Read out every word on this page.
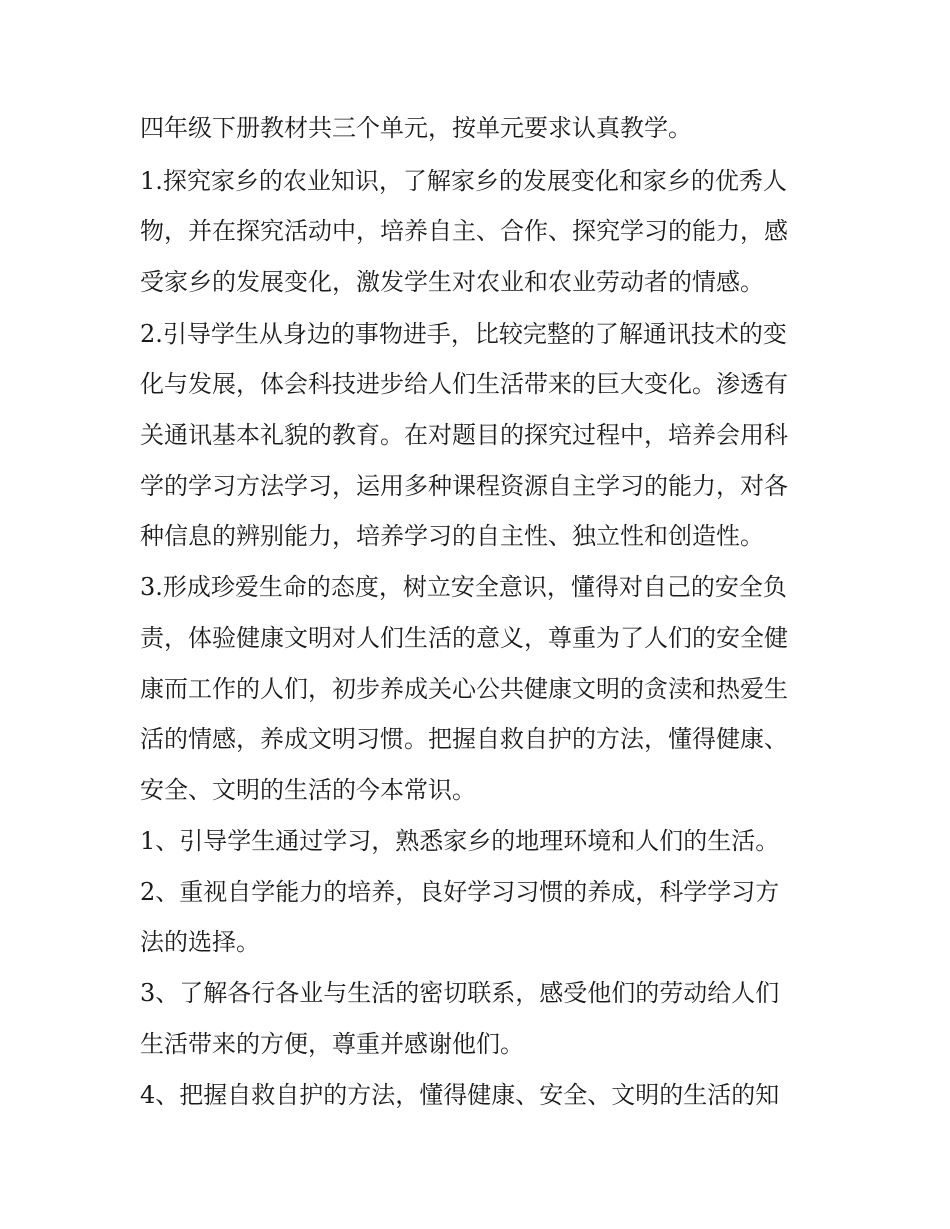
四年级下册教材共三个单元，按单元要求认真教学。
1.探究家乡的农业知识，了解家乡的发展变化和家乡的优秀人
物，并在探究活动中，培养自主、合作、探究学习的能力，感
受家乡的发展变化，激发学生对农业和农业劳动者的情感。
2.引导学生从身边的事物进手，比较完整的了解通讯技术的变
化与发展，体会科技进步给人们生活带来的巨大变化。渗透有
关通讯基本礼貌的教育。在对题目的探究过程中，培养会用科
学的学习方法学习，运用多种课程资源自主学习的能力，对各
种信息的辨别能力，培养学习的自主性、独立性和创造性。
3.形成珍爱生命的态度，树立安全意识，懂得对自己的安全负
责，体验健康文明对人们生活的意义，尊重为了人们的安全健
康而工作的人们，初步养成关心公共健康文明的贪渎和热爱生
活的情感，养成文明习惯。把握自救自护的方法，懂得健康、
安全、文明的生活的今本常识。
1、引导学生通过学习，熟悉家乡的地理环境和人们的生活。
2、重视自学能力的培养，良好学习习惯的养成，科学学习方
法的选择。
3、了解各行各业与生活的密切联系，感受他们的劳动给人们
生活带来的方便，尊重并感谢他们。
4、把握自救自护的方法，懂得健康、安全、文明的生活的知
